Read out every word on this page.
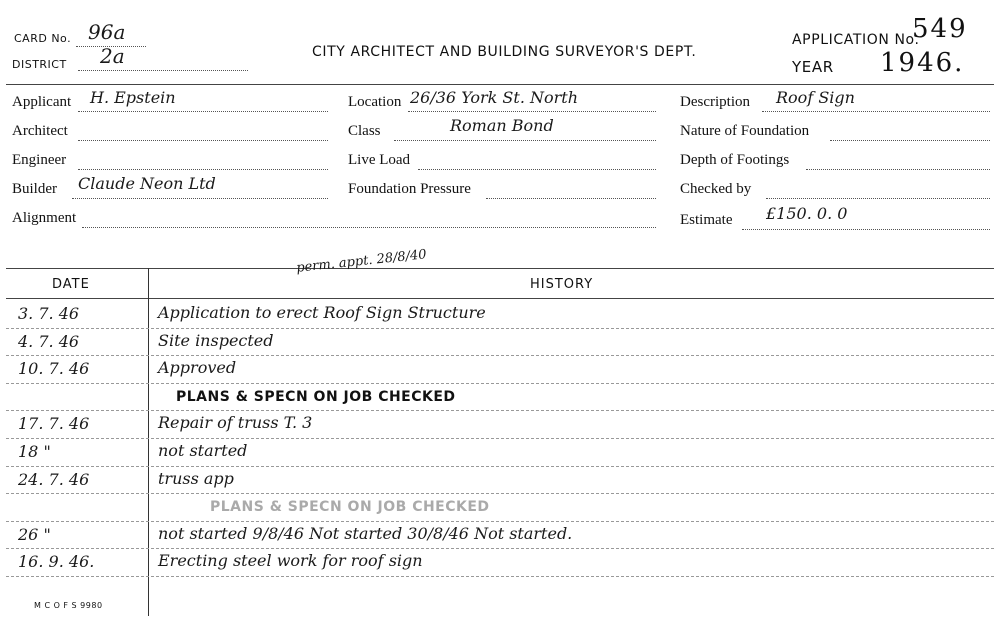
CARD No. 96a
DISTRICT 2a	CITY ARCHITECT AND BUILDING SURVEYOR'S DEPT.
APPLICATION No.
549
YEAR 1946.
Applicant H. Epstein
Architect
Engineer
Builder Claude Neon Ltd
Alignment
Location 26/36 York St. North
Class	Roman Bond
Live Load
Foundation Pressure
Description Roof Sign
Nature of Foundation
Depth of Footings
Checked by
Estimate £150. 0. 0
DATE	HISTORY
perm. appt. 28/8/40
3. 7. 46	Application to erect Roof Sign Structure
4. 7. 46	Site inspected
10. 7. 46	Approved
PLANS & SPECN ON JOB CHECKED
17. 7. 46	Repair of truss T. 3
18 "	not started
24. 7. 46	truss app
PLANS & SPECN ON JOB CHECKED
26 "	not started 9/8/46 Not started 30/8/46 Not started.
16. 9. 46.	Erecting steel work for roof sign
M C O F S 9980
